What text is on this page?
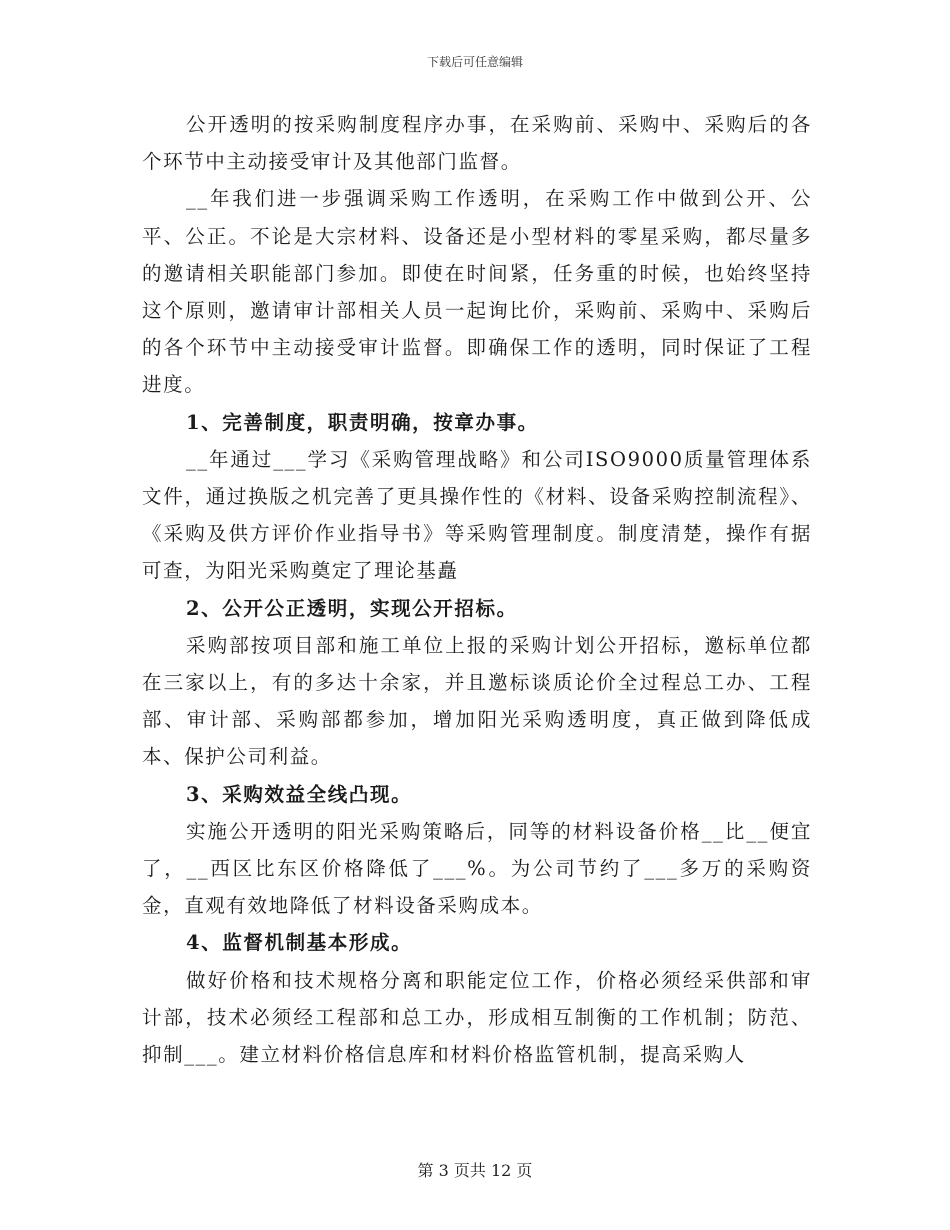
下载后可任意编辑

公开透明的按采购制度程序办事，在采购前、采购中、采购后的各个环节中主动接受审计及其他部门监督。

__年我们进一步强调采购工作透明，在采购工作中做到公开、公平、公正。不论是大宗材料、设备还是小型材料的零星采购，都尽量多的邀请相关职能部门参加。即使在时间紧，任务重的时候，也始终坚持这个原则，邀请审计部相关人员一起询比价，采购前、采购中、采购后的各个环节中主动接受审计监督。即确保工作的透明，同时保证了工程进度。

1、完善制度，职责明确，按章办事。

__年通过___学习《采购管理战略》和公司ISO9000质量管理体系文件，通过换版之机完善了更具操作性的《材料、设备采购控制流程》、《采购及供方评价作业指导书》等采购管理制度。制度清楚，操作有据可查，为阳光采购奠定了理论基矗

2、公开公正透明，实现公开招标。

采购部按项目部和施工单位上报的采购计划公开招标，邀标单位都在三家以上，有的多达十余家，并且邀标谈质论价全过程总工办、工程部、审计部、采购部都参加，增加阳光采购透明度，真正做到降低成本、保护公司利益。

3、采购效益全线凸现。

实施公开透明的阳光采购策略后，同等的材料设备价格__比__便宜了，__西区比东区价格降低了___%。为公司节约了___多万的采购资金，直观有效地降低了材料设备采购成本。

4、监督机制基本形成。

做好价格和技术规格分离和职能定位工作，价格必须经采供部和审计部，技术必须经工程部和总工办，形成相互制衡的工作机制；防范、抑制___。建立材料价格信息库和材料价格监管机制，提高采购人

第 3 页共 12 页
